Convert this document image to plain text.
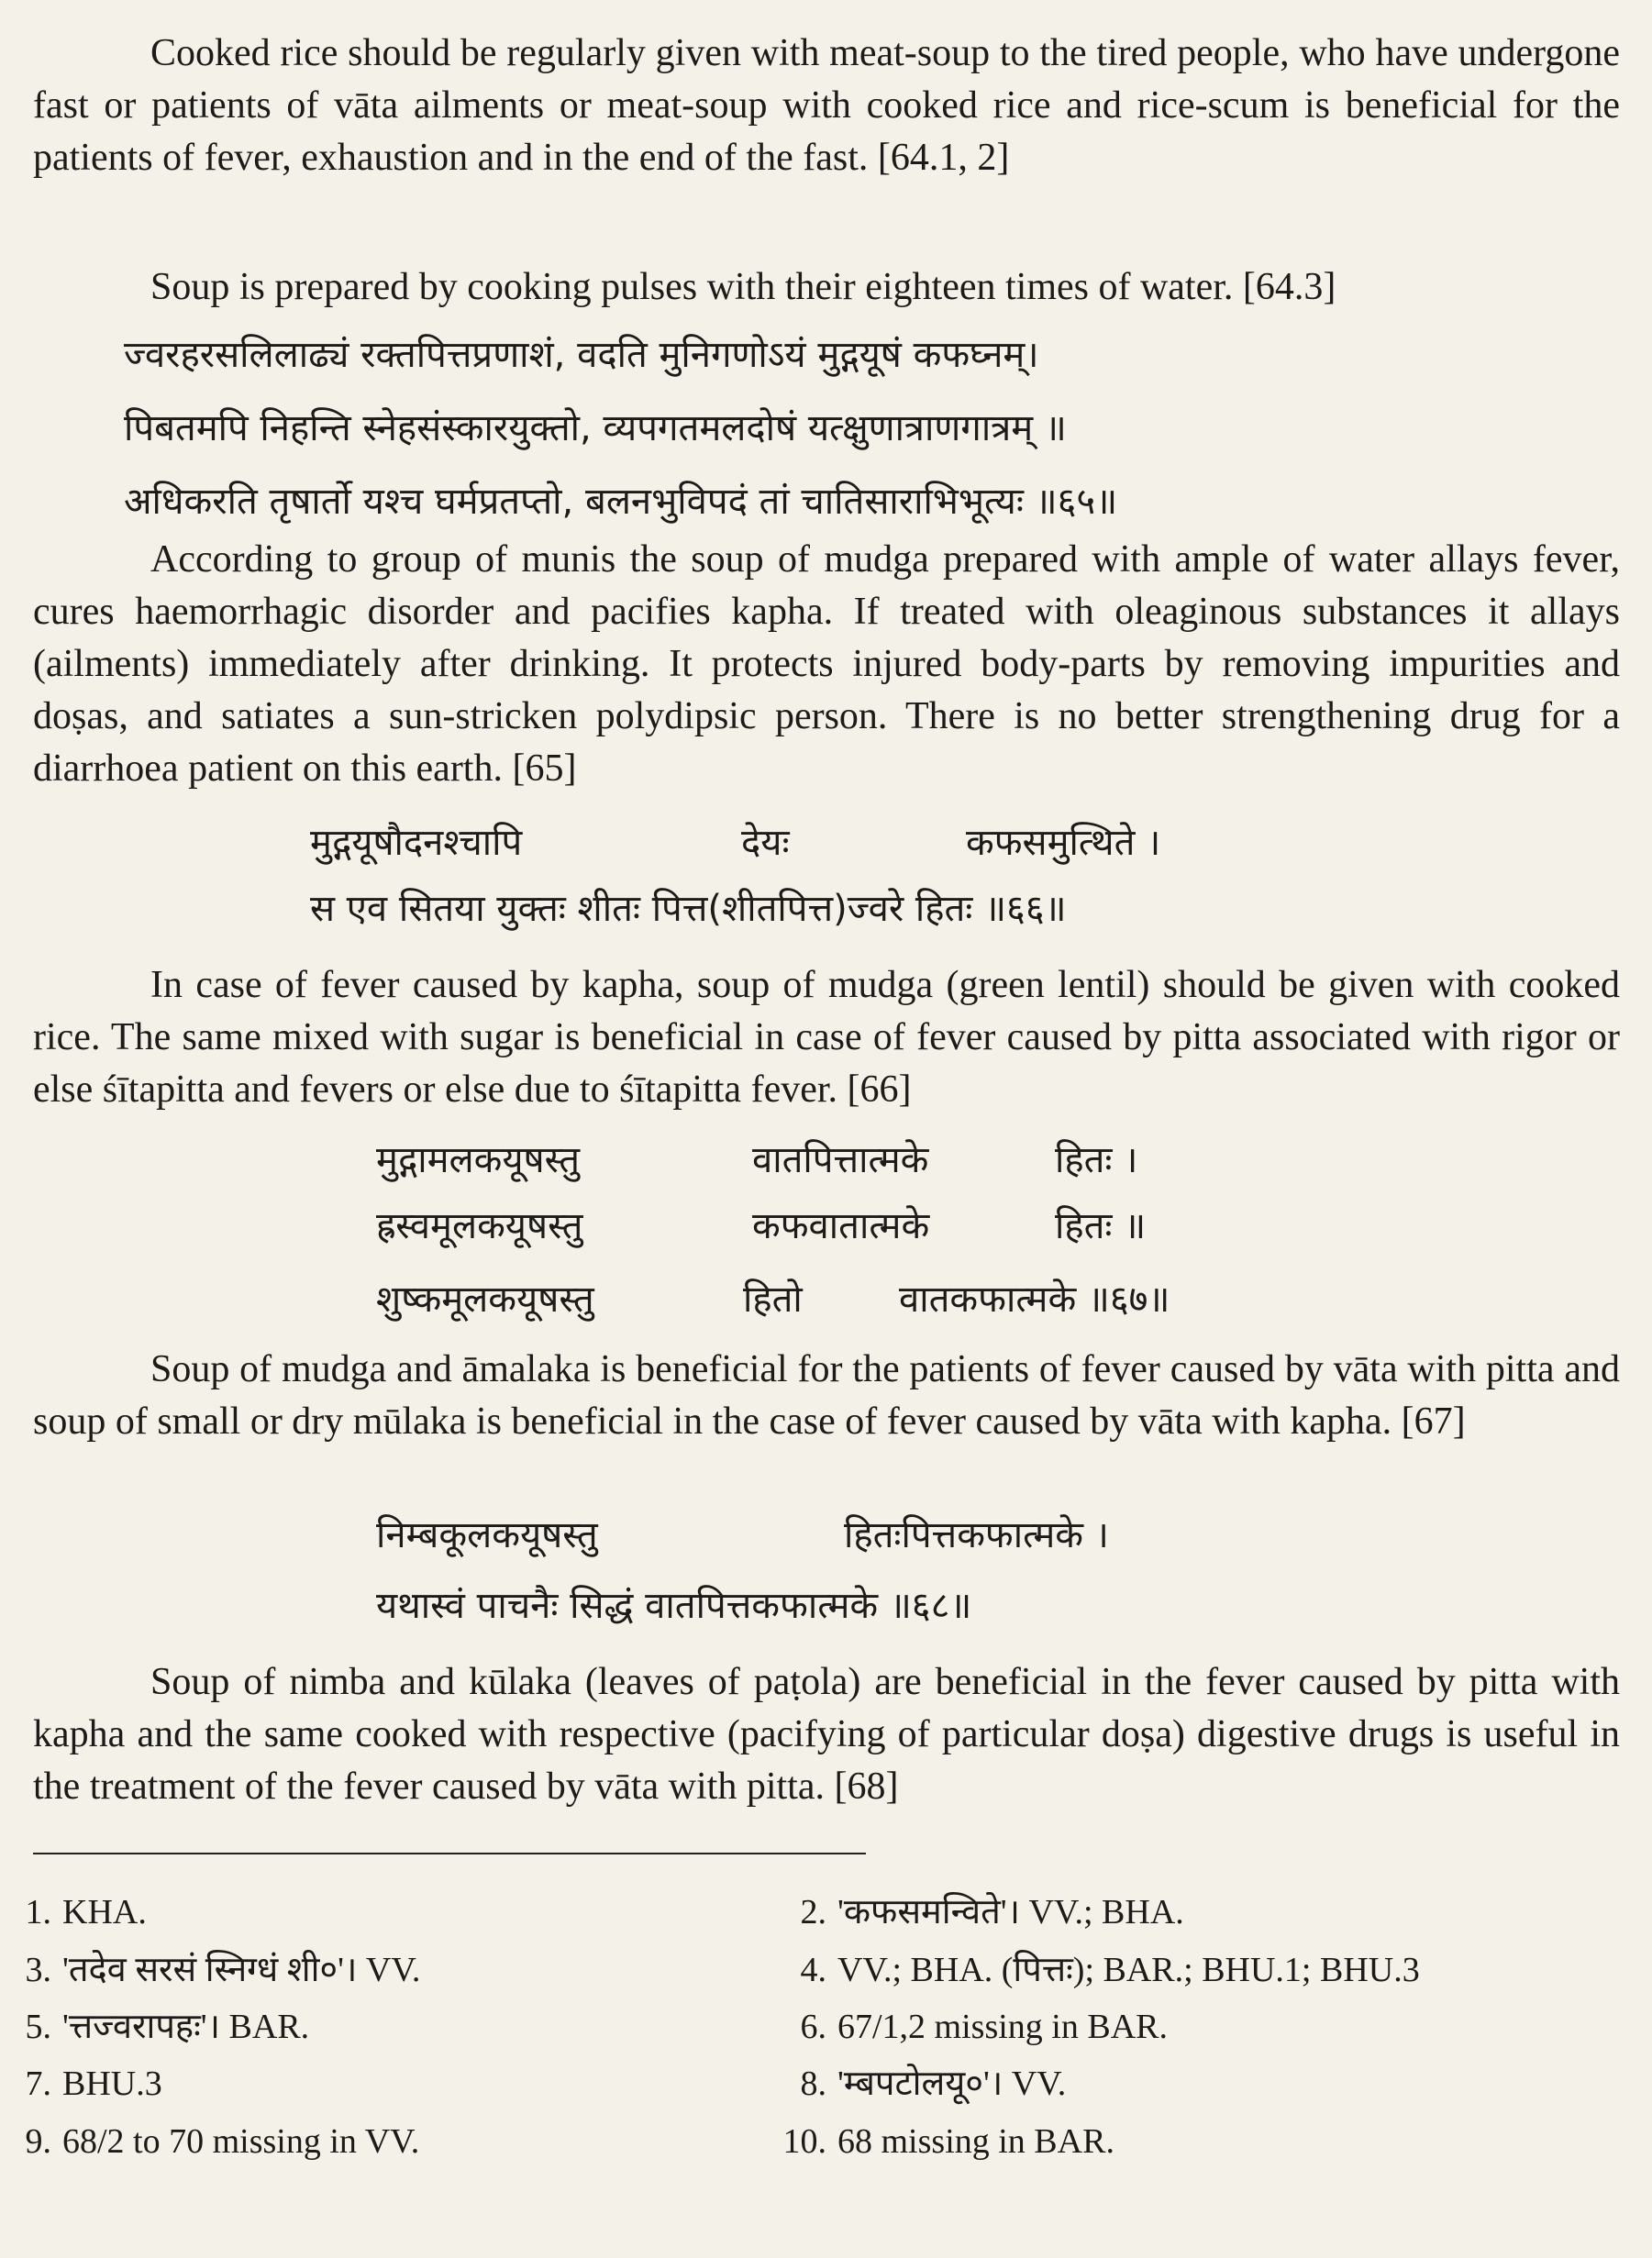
Cooked rice should be regularly given with meat-soup to the tired people, who have undergone fast or patients of vāta ailments or meat-soup with cooked rice and rice-scum is beneficial for the patients of fever, exhaustion and in the end of the fast. [64.1, 2]

Soup is prepared by cooking pulses with their eighteen times of water. [64.3]

ज्वरहरसलिलाढ्यं रक्तपित्तप्रणाशं, वदति मुनिगणोऽयं मुद्गयूषं कफघ्नम्।

पिबतमपि निहन्ति स्नेहसंस्कारयुक्तो, व्यपगतमलदोषं यत्क्षुणात्राणगात्रम् ॥

अधिकरति तृषार्तो यश्च घर्मप्रतप्तो, बलनभुविपदं तां चातिसाराभिभूत्यः ॥६५॥

According to group of munis the soup of mudga prepared with ample of water allays fever, cures haemorrhagic disorder and pacifies kapha. If treated with oleaginous substances it allays (ailments) immediately after drinking. It protects injured body-parts by removing impurities and doṣas, and satiates a sun-stricken polydipsic person. There is no better strengthening drug for a diarrhoea patient on this earth. [65]

मुद्गयूषौदनश्चापि	देयः	कफसमुत्थिते ।

स एव सितया युक्तः शीतः पित्त(शीतपित्त)ज्वरे हितः ॥६६॥

In case of fever caused by kapha, soup of mudga (green lentil) should be given with cooked rice. The same mixed with sugar is beneficial in case of fever caused by pitta associated with rigor or else śītapitta and fevers or else due to śītapitta fever. [66]

मुद्गामलकयूषस्तु	वातपित्तात्मके	हितः ।

ह्रस्वमूलकयूषस्तु	कफवातात्मके	हितः ॥

शुष्कमूलकयूषस्तु	हितो	वातकफात्मके ॥६७॥

Soup of mudga and āmalaka is beneficial for the patients of fever caused by vāta with pitta and soup of small or dry mūlaka is beneficial in the case of fever caused by vāta with kapha. [67]

निम्बकूलकयूषस्तु	हितःपित्तकफात्मके ।

यथास्वं पाचनैः सिद्धं वातपित्तकफात्मके ॥६८॥

Soup of nimba and kūlaka (leaves of paṭola) are beneficial in the fever caused by pitta with kapha and the same cooked with respective (pacifying of particular doṣa) digestive drugs is useful in the treatment of the fever caused by vāta with pitta. [68]

1. KHA.	2. 'कफसमन्विते'। VV.; BHA.
3. 'तदेव सरसं स्निग्धं शी०'। VV.	4. VV.; BHA. (पित्तः); BAR.; BHU.1; BHU.3
5. 'त्तज्वरापहः'। BAR.	6. 67/1,2 missing in BAR.
7. BHU.3	8. 'म्बपटोलयू०'। VV.
9. 68/2 to 70 missing in VV.	10. 68 missing in BAR.
